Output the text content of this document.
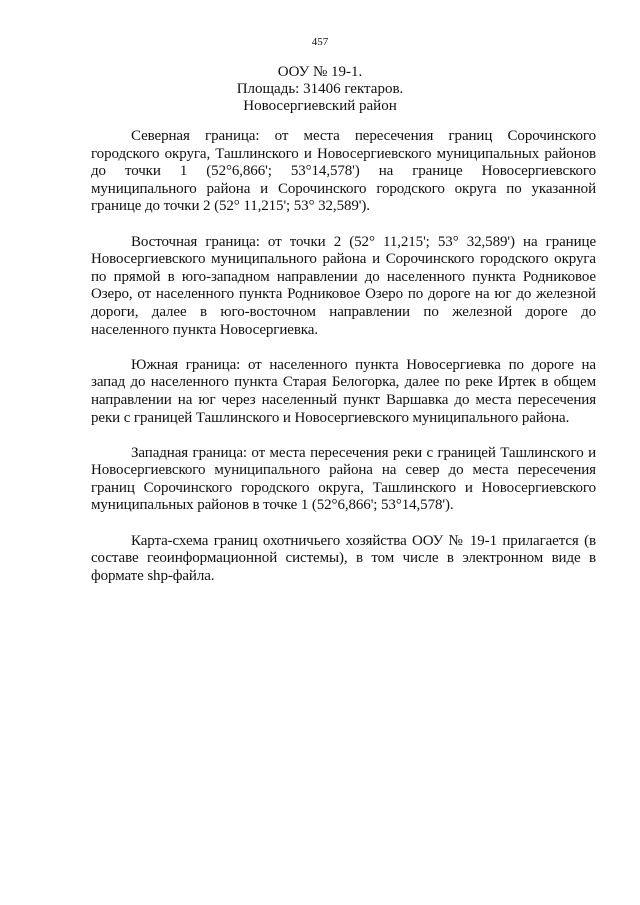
457
ООУ № 19-1.
Площадь: 31406 гектаров.
Новосергиевский район

Северная граница: от места пересечения границ Сорочинского городского округа, Ташлинского и Новосергиевского муниципальных районов до точки 1 (52°6,866'; 53°14,578') на границе Новосергиевского муниципального района и Сорочинского городского округа по указанной границе до точки 2 (52° 11,215'; 53° 32,589').

Восточная граница: от точки 2 (52° 11,215'; 53° 32,589') на границе Новосергиевского муниципального района и Сорочинского городского округа по прямой в юго-западном направлении до населенного пункта Родниковое Озеро, от населенного пункта Родниковое Озеро по дороге на юг до железной дороги, далее в юго-восточном направлении по железной дороге до населенного пункта Новосергиевка.

Южная граница: от населенного пункта Новосергиевка по дороге на запад до населенного пункта Старая Белогорка, далее по реке Иртек в общем направлении на юг через населенный пункт Варшавка до места пересечения реки с границей Ташлинского и Новосергиевского муниципального района.

Западная граница: от места пересечения реки с границей Ташлинского и Новосергиевского муниципального района на север до места пересечения границ Сорочинского городского округа, Ташлинского и Новосергиевского муниципальных районов в точке 1 (52°6,866'; 53°14,578').

Карта-схема границ охотничьего хозяйства ООУ № 19-1 прилагается (в составе геоинформационной системы), в том числе в электронном виде в формате shp-файла.
